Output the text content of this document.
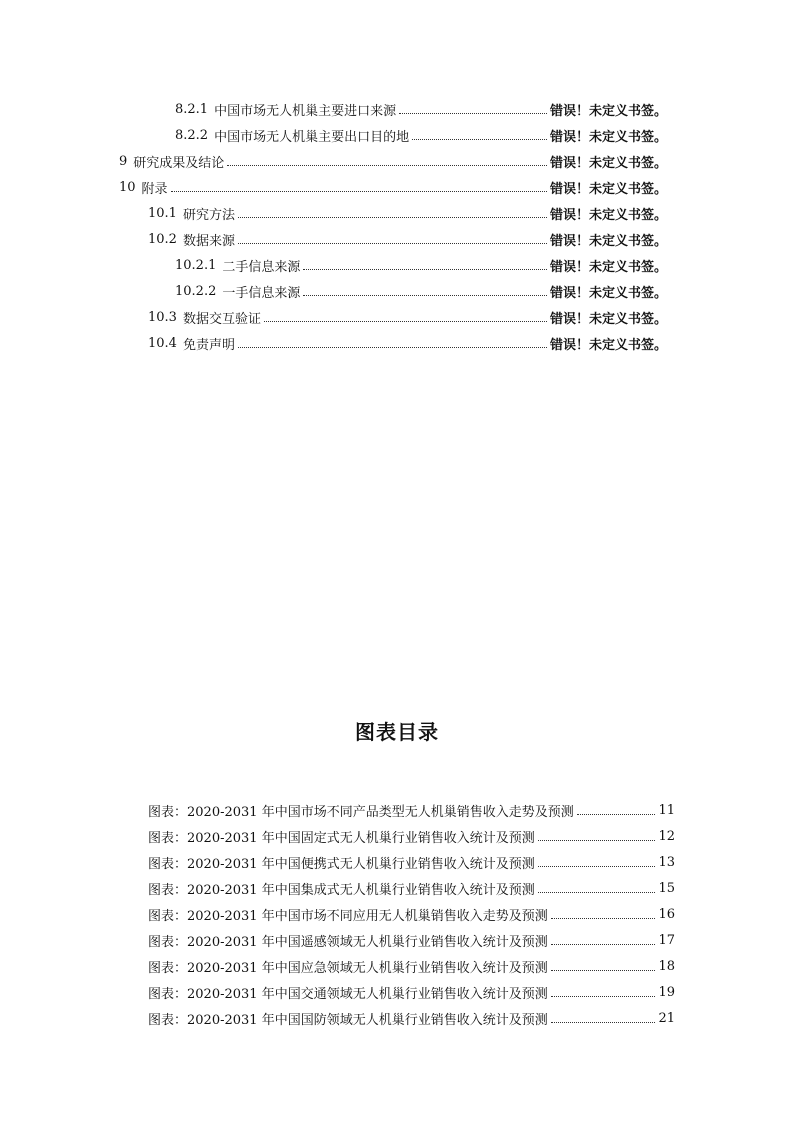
8.2.1 中国市场无人机巢主要进口来源	错误！未定义书签。
8.2.2 中国市场无人机巢主要出口目的地	错误！未定义书签。
9 研究成果及结论	错误！未定义书签。
10 附录	错误！未定义书签。
10.1 研究方法	错误！未定义书签。
10.2 数据来源	错误！未定义书签。
10.2.1 二手信息来源	错误！未定义书签。
10.2.2 一手信息来源	错误！未定义书签。
10.3 数据交互验证	错误！未定义书签。
10.4 免责声明	错误！未定义书签。
图表目录
图表：2020-2031 年中国市场不同产品类型无人机巢销售收入走势及预测	11
图表：2020-2031 年中国固定式无人机巢行业销售收入统计及预测	12
图表：2020-2031 年中国便携式无人机巢行业销售收入统计及预测	13
图表：2020-2031 年中国集成式无人机巢行业销售收入统计及预测	15
图表：2020-2031 年中国市场不同应用无人机巢销售收入走势及预测	16
图表：2020-2031 年中国遥感领域无人机巢行业销售收入统计及预测	17
图表：2020-2031 年中国应急领域无人机巢行业销售收入统计及预测	18
图表：2020-2031 年中国交通领域无人机巢行业销售收入统计及预测	19
图表：2020-2031 年中国国防领域无人机巢行业销售收入统计及预测	21
